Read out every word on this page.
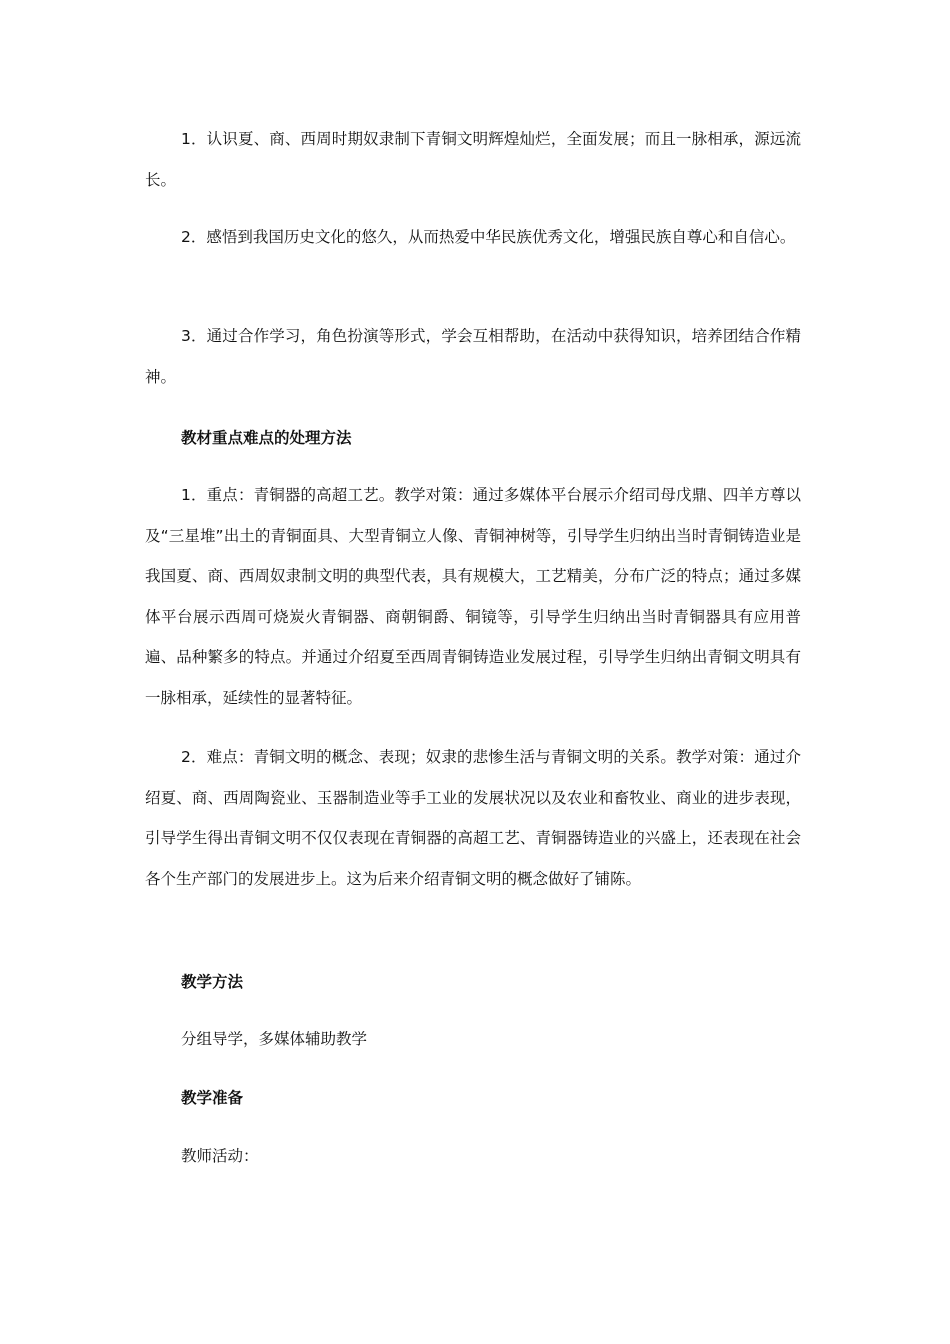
1．认识夏、商、西周时期奴隶制下青铜文明辉煌灿烂，全面发展；而且一脉相承，源远流长。

2．感悟到我国历史文化的悠久，从而热爱中华民族优秀文化，增强民族自尊心和自信心。

3．通过合作学习，角色扮演等形式，学会互相帮助，在活动中获得知识，培养团结合作精神。

教材重点难点的处理方法

1．重点：青铜器的高超工艺。教学对策：通过多媒体平台展示介绍司母戊鼎、四羊方尊以及“三星堆”出土的青铜面具、大型青铜立人像、青铜神树等，引导学生归纳出当时青铜铸造业是我国夏、商、西周奴隶制文明的典型代表，具有规模大，工艺精美，分布广泛的特点；通过多媒体平台展示西周可烧炭火青铜器、商朝铜爵、铜镜等，引导学生归纳出当时青铜器具有应用普遍、品种繁多的特点。并通过介绍夏至西周青铜铸造业发展过程，引导学生归纳出青铜文明具有一脉相承，延续性的显著特征。

2．难点：青铜文明的概念、表现；奴隶的悲惨生活与青铜文明的关系。教学对策：通过介绍夏、商、西周陶瓷业、玉器制造业等手工业的发展状况以及农业和畜牧业、商业的进步表现，引导学生得出青铜文明不仅仅表现在青铜器的高超工艺、青铜器铸造业的兴盛上，还表现在社会各个生产部门的发展进步上。这为后来介绍青铜文明的概念做好了铺陈。

教学方法

分组导学，多媒体辅助教学

教学准备

教师活动：
